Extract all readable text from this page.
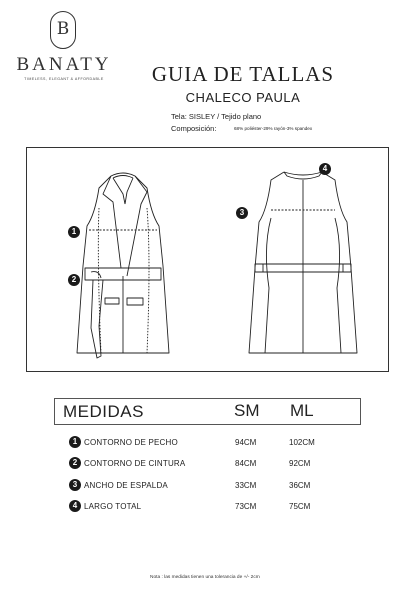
B
BANATY
TIMELESS, ELEGANT & AFFORDABLE	GUIA DE TALLAS
CHALECO PAULA
Tela: SISLEY / Tejido plano
Composición:	68% poliéster-29% rayón-3% spandex
1
2
3
4
MEDIDAS	SM ML
1 CONTORNO DE PECHO	94CM	102CM
2 CONTORNO DE CINTURA	84CM	92CM
3 ANCHO DE ESPALDA	33CM	36CM
4 LARGO TOTAL	73CM	75CM
Nota : las medidas tienen una tolerancia de +/- 2cm
